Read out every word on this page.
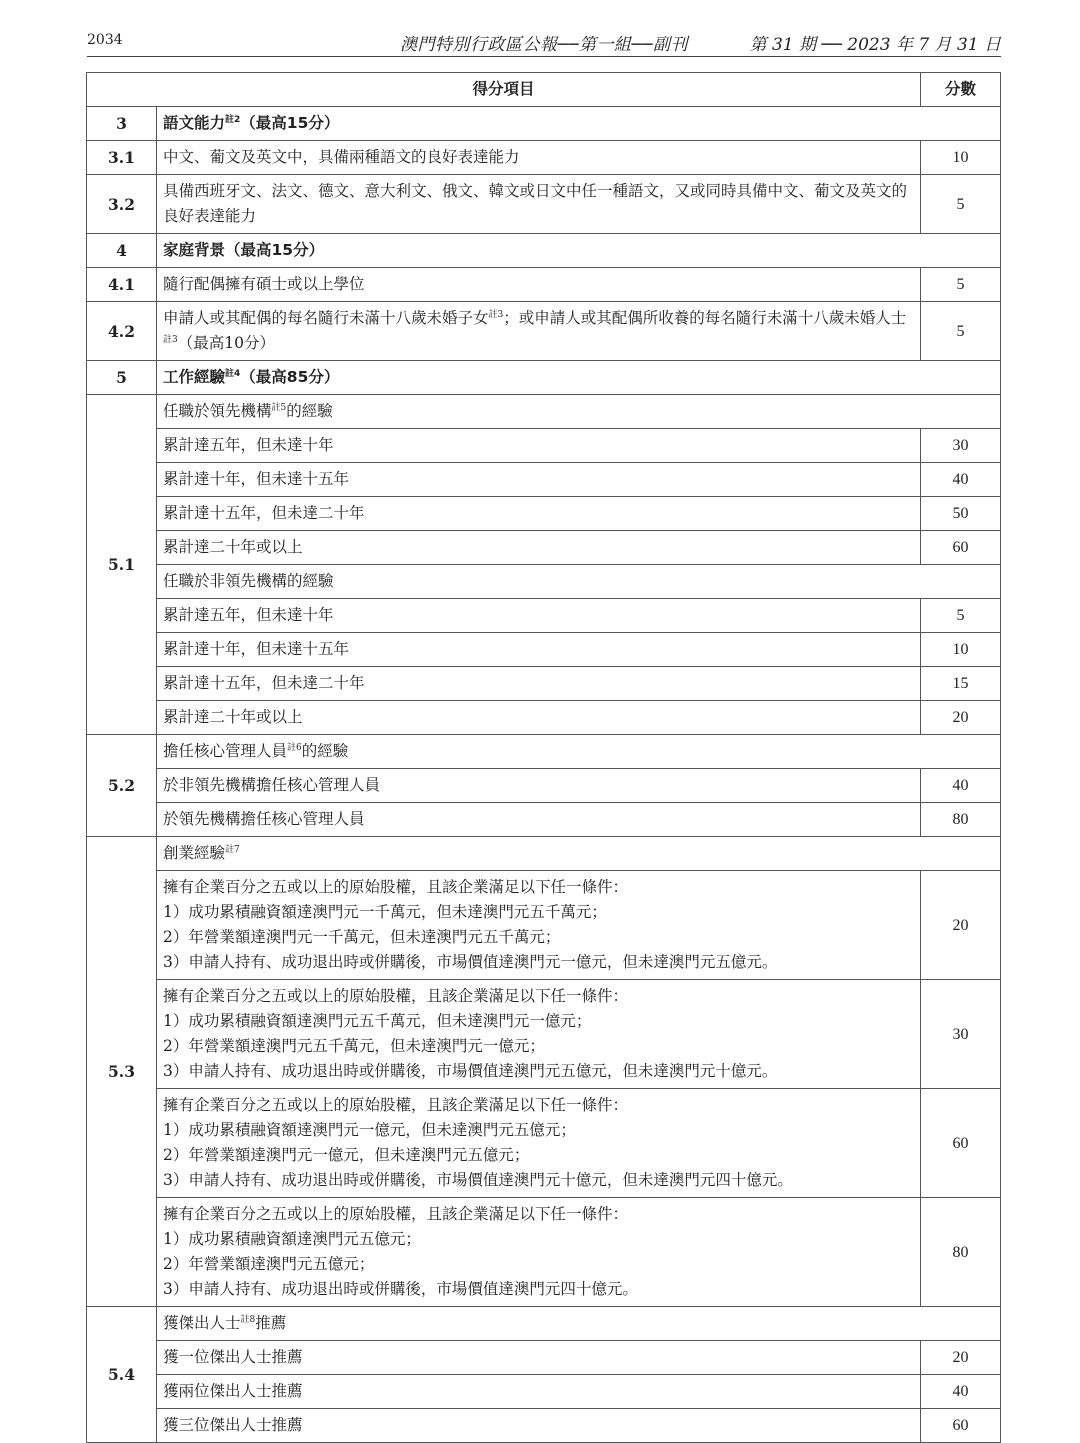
2034	澳門特別行政區公報──第一組──副刊	第 31 期 ── 2023 年 7 月 31 日
得分項目		分數
3	語文能力$^{註2}$（最高15分）	
3.1	中文、葡文及英文中，具備兩種語文的良好表達能力	10
3.2	具備西班牙文、法文、德文、意大利文、俄文、韓文或日文中任一種語文，又或同時具備中文、葡文及英文的良好表達能力	5
4	家庭背景（最高15分）	
4.1	隨行配偶擁有碩士或以上學位	5
4.2	申請人或其配偶的每名隨行未滿十八歲未婚子女$^{註3}$；或申請人或其配偶所收養的每名隨行未滿十八歲未婚人士$^{註3}$（最高10分）	5
5	工作經驗$^{註4}$（最高85分）	
5.1	任職於領先機構$^{註5}$的經驗	
	累計達五年，但未達十年	30
	累計達十年，但未達十五年	40
	累計達十五年，但未達二十年	50
	累計達二十年或以上	60
	任職於非領先機構的經驗	
	累計達五年，但未達十年	5
	累計達十年，但未達十五年	10
	累計達十五年，但未達二十年	15
	累計達二十年或以上	20
5.2	擔任核心管理人員$^{註6}$的經驗	
	於非領先機構擔任核心管理人員	40
	於領先機構擔任核心管理人員	80
5.3	創業經驗$^{註7}$

	擁有企業百分之五或以上的原始股權，且該企業滿足以下任一條件：
1）成功累積融資額達澳門元一千萬元，但未達澳門元五千萬元；
2）年營業額達澳門元一千萬元，但未達澳門元五千萬元；
3）申請人持有、成功退出時或併購後，市場價值達澳門元一億元，但未達澳門元五億元。	20

	擁有企業百分之五或以上的原始股權，且該企業滿足以下任一條件：
1）成功累積融資額達澳門元五千萬元，但未達澳門元一億元；
2）年營業額達澳門元五千萬元，但未達澳門元一億元；
3）申請人持有、成功退出時或併購後，市場價值達澳門元五億元，但未達澳門元十億元。	30

	擁有企業百分之五或以上的原始股權，且該企業滿足以下任一條件：
1）成功累積融資額達澳門元一億元，但未達澳門元五億元；
2）年營業額達澳門元一億元，但未達澳門元五億元；
3）申請人持有、成功退出時或併購後，市場價值達澳門元十億元，但未達澳門元四十億元。	60

	擁有企業百分之五或以上的原始股權，且該企業滿足以下任一條件：
1）成功累積融資額達澳門元五億元；
2）年營業額達澳門元五億元；
3）申請人持有、成功退出時或併購後，市場價值達澳門元四十億元。	80
5.4	獲傑出人士$^{註8}$推薦	
	獲一位傑出人士推薦	20
	獲兩位傑出人士推薦	40
	獲三位傑出人士推薦	60
